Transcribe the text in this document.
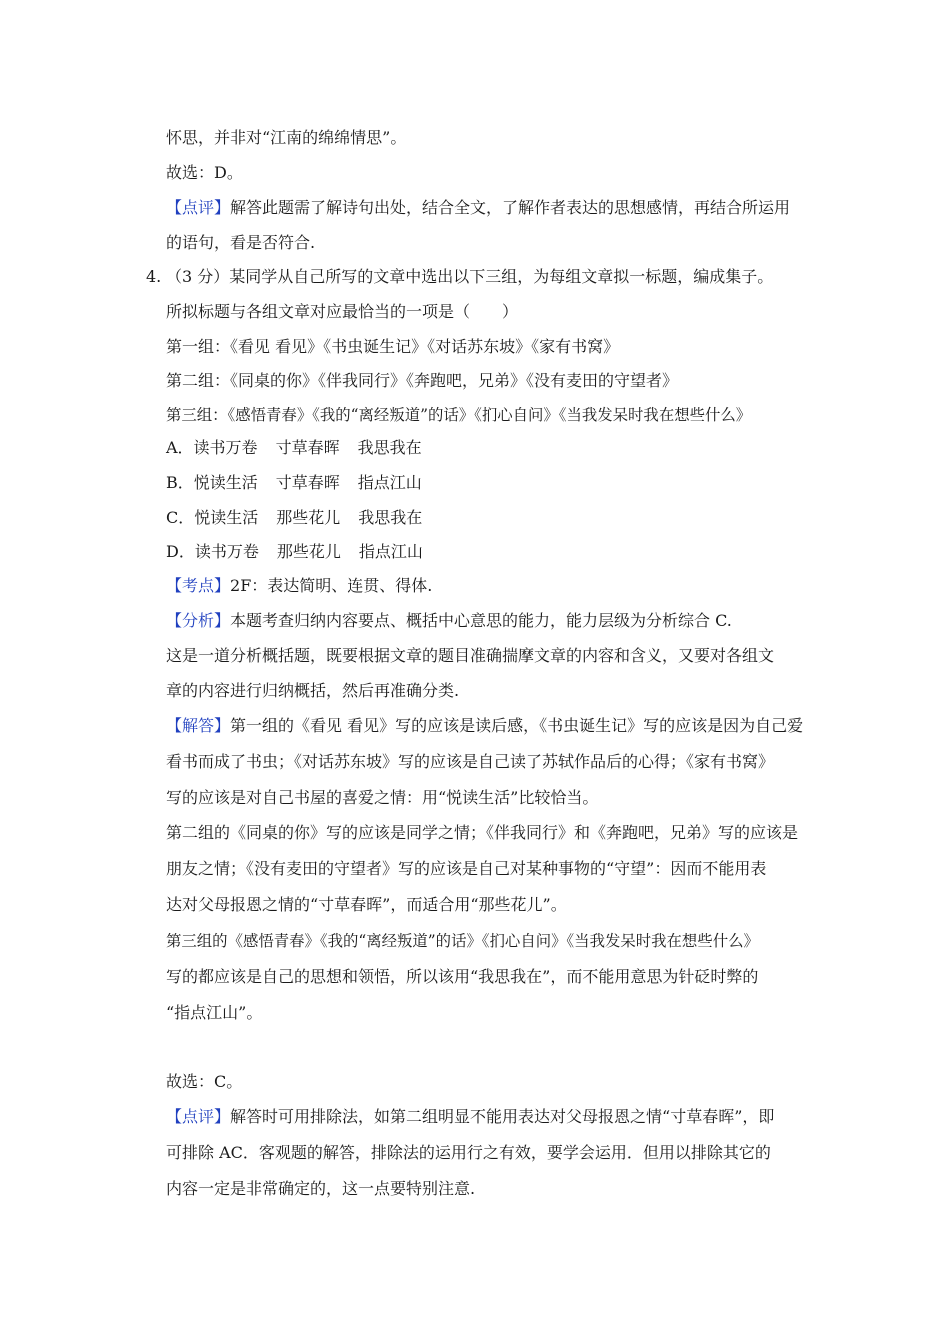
怀思，并非对“江南的绵绵情思”。
故选：D。
【点评】解答此题需了解诗句出处，结合全文，了解作者表达的思想感情，再结合所运用
的语句，看是否符合.
4. （3 分）某同学从自己所写的文章中选出以下三组，为每组文章拟一标题，编成集子。
所拟标题与各组文章对应最恰当的一项是（　　）
第一组：《看见 看见》《书虫诞生记》《对话苏东坡》《家有书窝》
第二组：《同桌的你》《伴我同行》《奔跑吧，兄弟》《没有麦田的守望者》
第三组：《感悟青春》《我的“离经叛道”的话》《扪心自问》《当我发呆时我在想些什么》
A．读书万卷 寸草春晖 我思我在
B．悦读生活 寸草春晖 指点江山
C．悦读生活 那些花儿 我思我在
D．读书万卷 那些花儿 指点江山
【考点】2F：表达简明、连贯、得体.
【分析】本题考查归纳内容要点、概括中心意思的能力，能力层级为分析综合 C.
这是一道分析概括题，既要根据文章的题目准确揣摩文章的内容和含义，又要对各组文
章的内容进行归纳概括，然后再准确分类.
【解答】第一组的《看见 看见》写的应该是读后感，《书虫诞生记》写的应该是因为自己爱
看书而成了书虫；《对话苏东坡》写的应该是自己读了苏轼作品后的心得；《家有书窝》
写的应该是对自己书屋的喜爱之情：用“悦读生活”比较恰当。
第二组的《同桌的你》写的应该是同学之情；《伴我同行》和《奔跑吧，兄弟》写的应该是
朋友之情；《没有麦田的守望者》写的应该是自己对某种事物的“守望”：因而不能用表
达对父母报恩之情的“寸草春晖”，而适合用“那些花儿”。
第三组的《感悟青春》《我的“离经叛道”的话》《扪心自问》《当我发呆时我在想些什么》
写的都应该是自己的思想和领悟，所以该用“我思我在”，而不能用意思为针砭时弊的
“指点江山”。
故选：C。
【点评】解答时可用排除法，如第二组明显不能用表达对父母报恩之情“寸草春晖”，即
可排除 AC．客观题的解答，排除法的运用行之有效，要学会运用．但用以排除其它的
内容一定是非常确定的，这一点要特别注意.
